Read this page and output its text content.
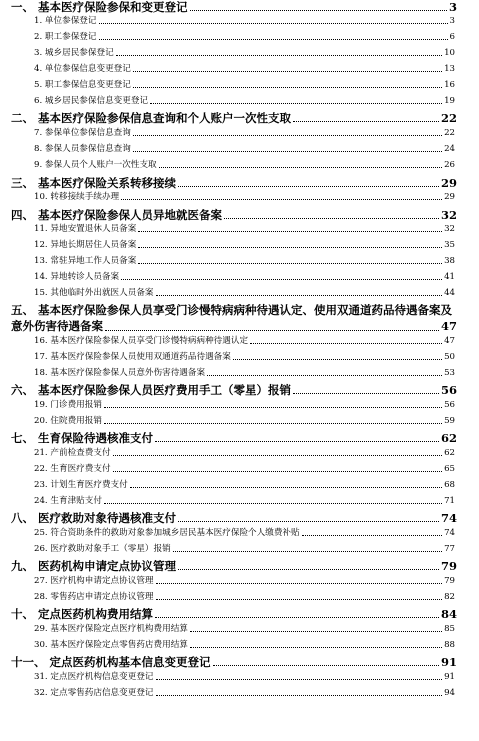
一、 基本医疗保险参保和变更登记	3
1. 单位参保登记	3
2. 职工参保登记	6
3. 城乡居民参保登记	10
4. 单位参保信息变更登记	13
5. 职工参保信息变更登记	16
6. 城乡居民参保信息变更登记	19
二、 基本医疗保险参保信息查询和个人账户一次性支取	22
7. 参保单位参保信息查询	22
8. 参保人员参保信息查询	24
9. 参保人员个人账户一次性支取	26
三、 基本医疗保险关系转移接续	29
10. 转移接续手续办理	29
四、 基本医疗保险参保人员异地就医备案	32
11. 异地安置退休人员备案	32
12. 异地长期居住人员备案	35
13. 常驻异地工作人员备案	38
14. 异地转诊人员备案	41
15. 其他临时外出就医人员备案	44
五、 基本医疗保险参保人员享受门诊慢特病病种待遇认定、使用双通道药品待遇备案及
意外伤害待遇备案	47
16. 基本医疗保险参保人员享受门诊慢特病病种待遇认定	47
17. 基本医疗保险参保人员使用双通道药品待遇备案	50
18. 基本医疗保险参保人员意外伤害待遇备案	53
六、 基本医疗保险参保人员医疗费用手工（零星）报销	56
19. 门诊费用报销	56
20. 住院费用报销	59
七、 生育保险待遇核准支付	62
21. 产前检查费支付	62
22. 生育医疗费支付	65
23. 计划生育医疗费支付	68
24. 生育津贴支付	71
八、 医疗救助对象待遇核准支付	74
25. 符合资助条件的救助对象参加城乡居民基本医疗保险个人缴费补贴	74
26. 医疗救助对象手工（零星）报销	77
九、 医药机构申请定点协议管理	79
27. 医疗机构申请定点协议管理	79
28. 零售药店申请定点协议管理	82
十、 定点医药机构费用结算	84
29. 基本医疗保险定点医疗机构费用结算	85
30. 基本医疗保险定点零售药店费用结算	88
十一、 定点医药机构基本信息变更登记	91
31. 定点医疗机构信息变更登记	91
32. 定点零售药店信息变更登记	94
